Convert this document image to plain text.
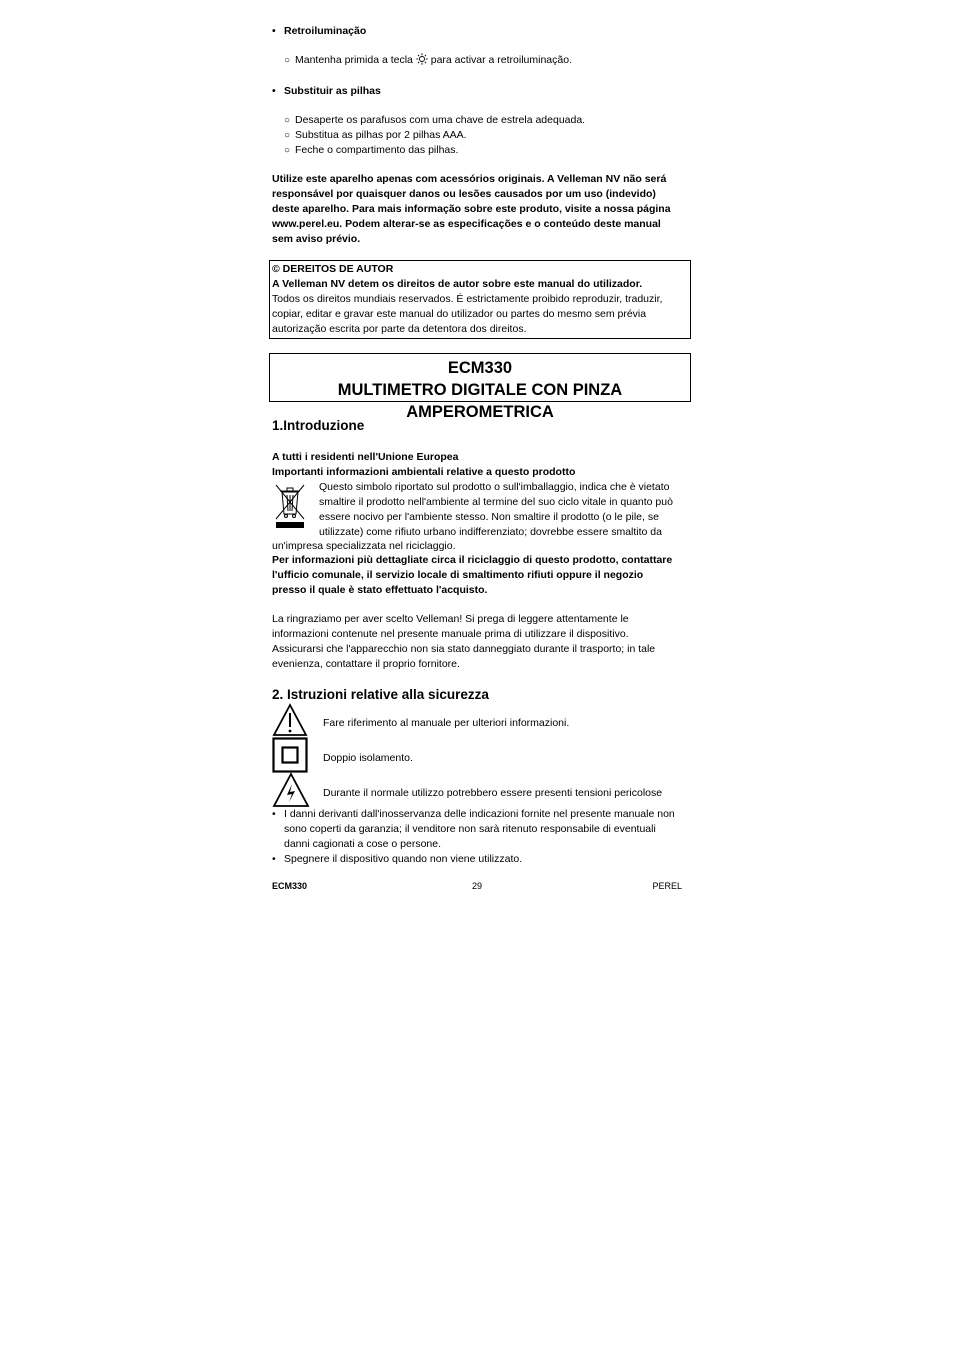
• Retroiluminação
○ Mantenha primida a tecla para activar a retroiluminação.
• Substituir as pilhas
○ Desaperte os parafusos com uma chave de estrela adequada.
○ Substitua as pilhas por 2 pilhas AAA.
○ Feche o compartimento das pilhas.
Utilize este aparelho apenas com acessórios originais. A Velleman NV não será
responsável por quaisquer danos ou lesões causados por um uso (indevido)
deste aparelho. Para mais informação sobre este produto, visite a nossa página
www.perel.eu. Podem alterar-se as especificações e o conteúdo deste manual
sem aviso prévio.
© DEREITOS DE AUTOR
A Velleman NV detem os direitos de autor sobre este manual do utilizador.
Todos os direitos mundiais reservados. É estrictamente proibido reproduzir, traduzir,
copiar, editar e gravar este manual do utilizador ou partes do mesmo sem prévia
autorização escrita por parte da detentora dos direitos.
ECM330
MULTIMETRO DIGITALE CON PINZA AMPEROMETRICA
1.Introduzione
A tutti i residenti nell'Unione Europea
Importanti informazioni ambientali relative a questo prodotto
Questo simbolo riportato sul prodotto o sull'imballaggio, indica che è vietato
smaltire il prodotto nell'ambiente al termine del suo ciclo vitale in quanto può
essere nocivo per l'ambiente stesso. Non smaltire il prodotto (o le pile, se
utilizzate) come rifiuto urbano indifferenziato; dovrebbe essere smaltito da
un'impresa specializzata nel riciclaggio.
Per informazioni più dettagliate circa il riciclaggio di questo prodotto, contattare
l'ufficio comunale, il servizio locale di smaltimento rifiuti oppure il negozio
presso il quale è stato effettuato l'acquisto.
La ringraziamo per aver scelto Velleman! Si prega di leggere attentamente le
informazioni contenute nel presente manuale prima di utilizzare il dispositivo.
Assicurarsi che l'apparecchio non sia stato danneggiato durante il trasporto; in tale
evenienza, contattare il proprio fornitore.
2. Istruzioni relative alla sicurezza
Fare riferimento al manuale per ulteriori informazioni.
Doppio isolamento.
Durante il normale utilizzo potrebbero essere presenti tensioni pericolose
• I danni derivanti dall'inosservanza delle indicazioni fornite nel presente manuale non
sono coperti da garanzia; il venditore non sarà ritenuto responsabile di eventuali
danni cagionati a cose o persone.
• Spegnere il dispositivo quando non viene utilizzato.
ECM330	29	PEREL
